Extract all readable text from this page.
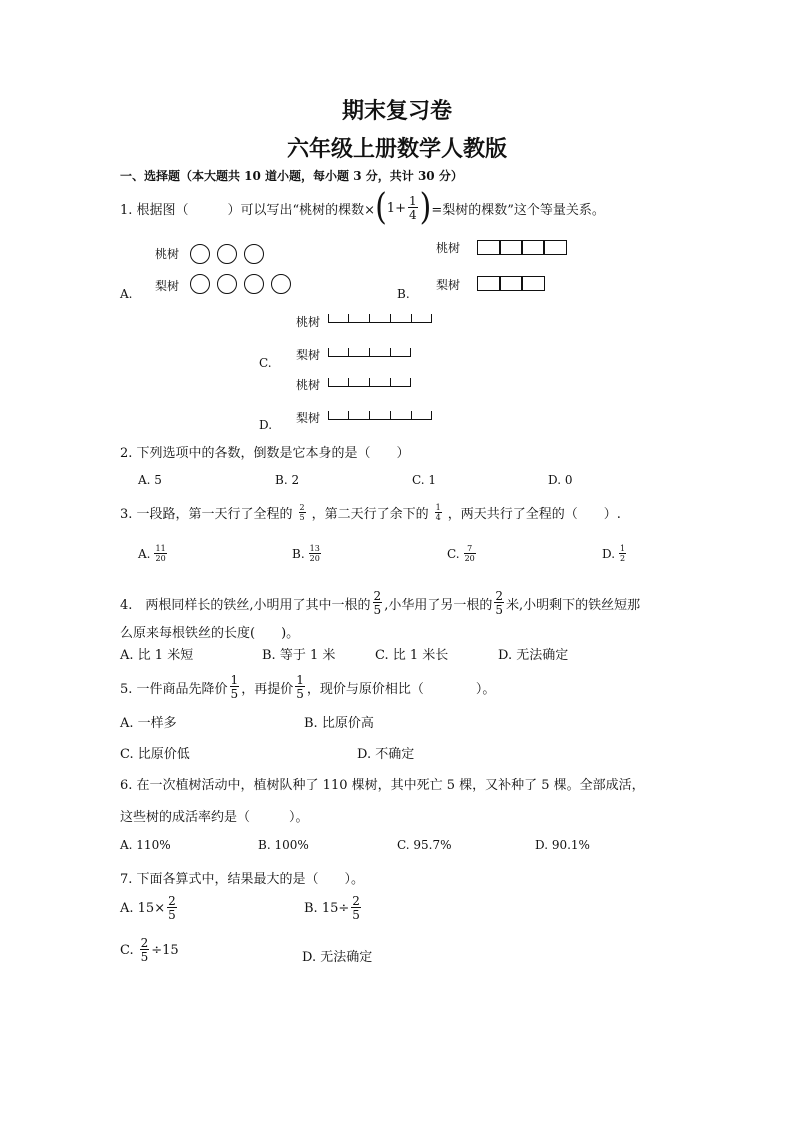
期末复习卷
六年级上册数学人教版
一、选择题（本大题共 10 道小题，每小题 3 分，共计 30 分）
1. 根据图（　　　）可以写出“桃树的棵数× ( $1+ \frac{1}{4}$ ) =梨树的棵数”这个等量关系。
桃树
梨树
A.
桃树
梨树
B.
桃树
梨树
C.
桃树
梨树
D.
2. 下列选项中的各数，倒数是它本身的是（　　）
A. 5	B. 2	C. 1	D. 0
3. 一段路，第一天行了全程的 $\frac{2}{5}$ ，第二天行了余下的 $\frac{1}{4}$ ，两天共行了全程的（　　）.
A. $\frac{11}{20}$	B. $\frac{13}{20}$	C. $\frac{7}{20}$	D. $\frac{1}{2}$
4.　两根同样长的铁丝,小明用了其中一根的 $\frac{2}{5}$ ,小华用了另一根的 $\frac{2}{5}$ 米,小明剩下的铁丝短那
么原来每根铁丝的长度(　　)。
A. 比 1 米短	B. 等于 1 米	C. 比 1 米长	D. 无法确定
5. 一件商品先降价 $\frac{1}{5}$ ，再提价 $\frac{1}{5}$ ，现价与原价相比（　　　　）。
A. 一样多	B. 比原价高
C. 比原价低	D. 不确定
6. 在一次植树活动中，植树队种了 110 棵树，其中死亡 5 棵，又补种了 5 棵。全部成活，
这些树的成活率约是（　　　）。
A. 110%	B. 100%	C. 95.7%	D. 90.1%
7. 下面各算式中，结果最大的是（　　）。
A. $15\times \frac{2}{5}$	B. $15\div \frac{2}{5}$
C. $\frac{2}{5} \div 15$	D. 无法确定
